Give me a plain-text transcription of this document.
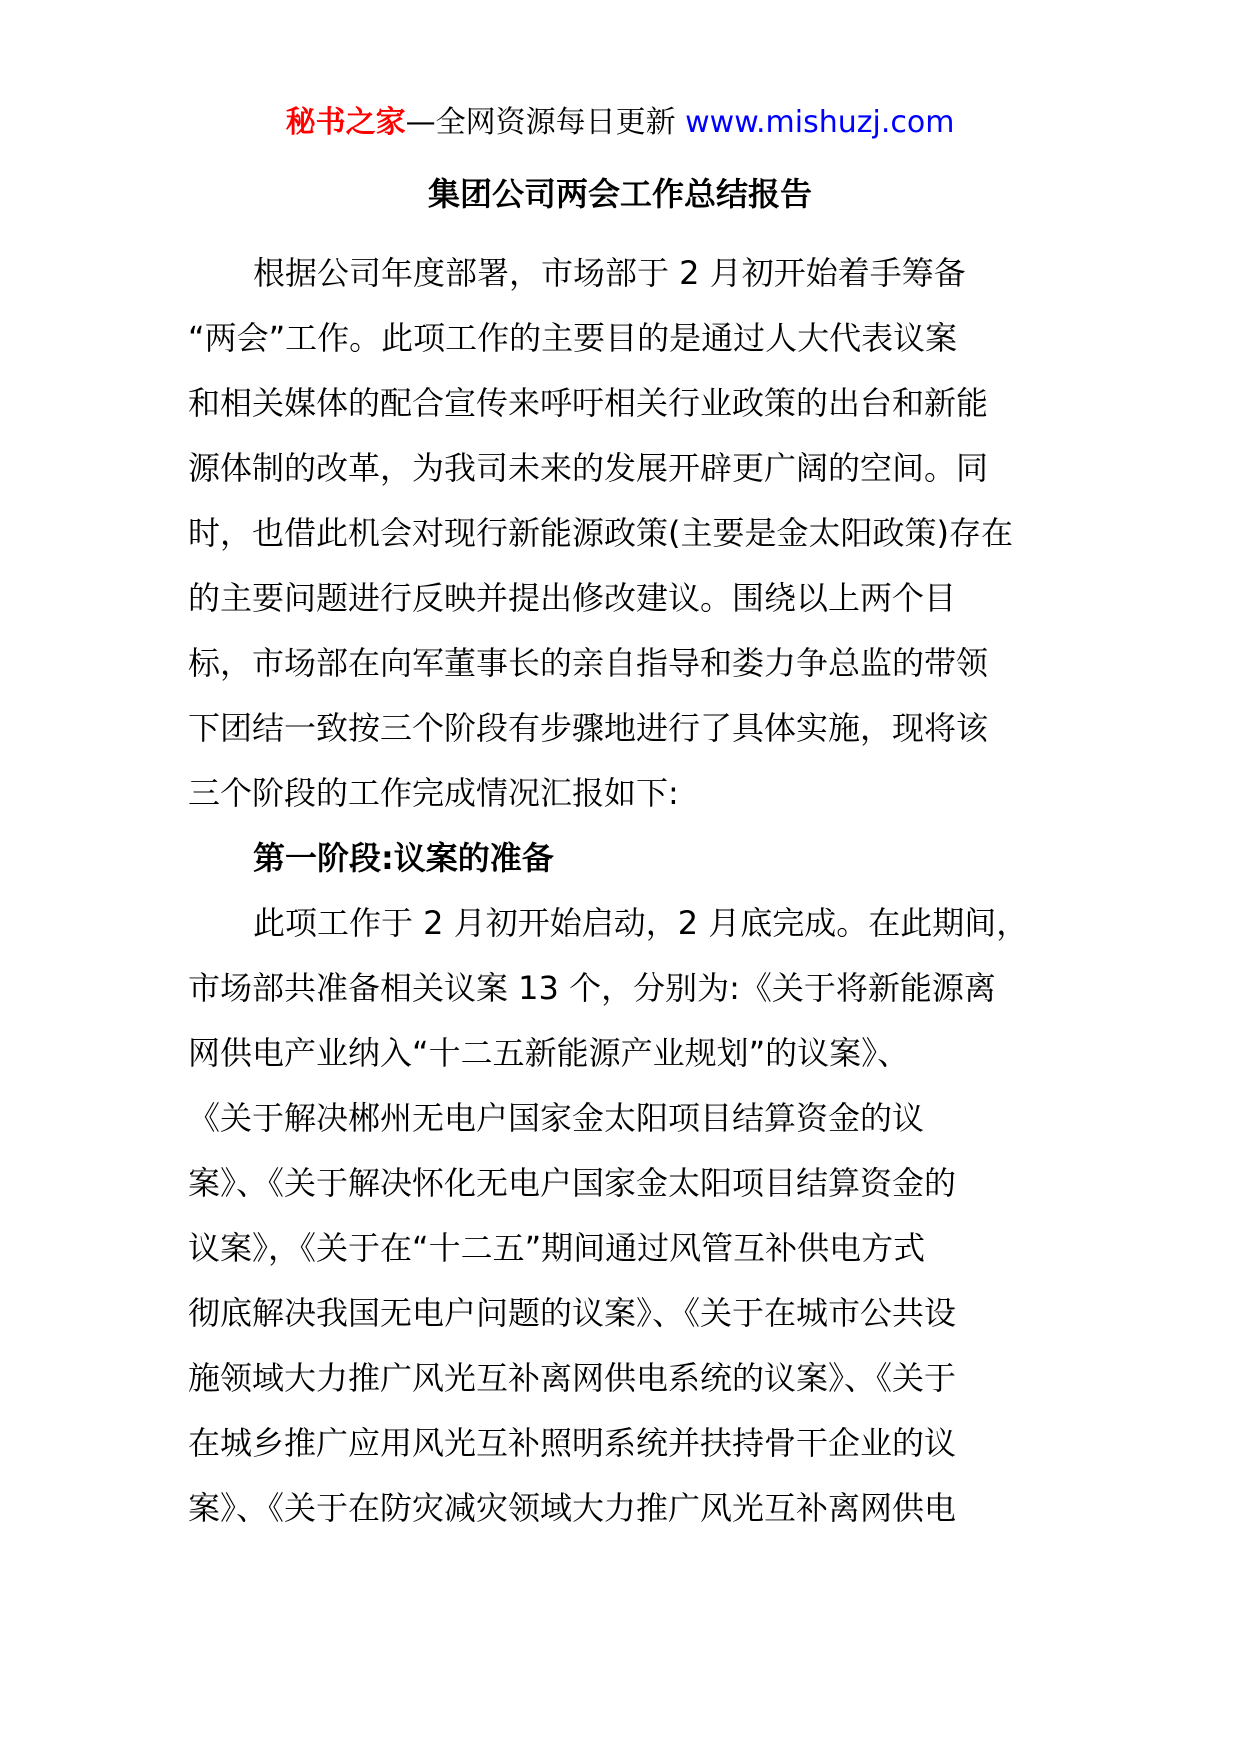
秘书之家—全网资源每日更新 www.mishuzj.com
集团公司两会工作总结报告
根据公司年度部署，市场部于 2 月初开始着手筹备
“两会”工作。此项工作的主要目的是通过人大代表议案
和相关媒体的配合宣传来呼吁相关行业政策的出台和新能
源体制的改革，为我司未来的发展开辟更广阔的空间。同
时，也借此机会对现行新能源政策(主要是金太阳政策)存在
的主要问题进行反映并提出修改建议。围绕以上两个目
标，市场部在向军董事长的亲自指导和娄力争总监的带领
下团结一致按三个阶段有步骤地进行了具体实施，现将该
三个阶段的工作完成情况汇报如下:
第一阶段:议案的准备
此项工作于 2 月初开始启动，2 月底完成。在此期间，
市场部共准备相关议案 13 个，分别为:《关于将新能源离
网供电产业纳入“十二五新能源产业规划”的议案》、
《关于解决郴州无电户国家金太阳项目结算资金的议
案》、《关于解决怀化无电户国家金太阳项目结算资金的
议案》，《关于在“十二五”期间通过风管互补供电方式
彻底解决我国无电户问题的议案》、《关于在城市公共设
施领域大力推广风光互补离网供电系统的议案》、《关于
在城乡推广应用风光互补照明系统并扶持骨干企业的议
案》、《关于在防灾减灾领域大力推广风光互补离网供电
